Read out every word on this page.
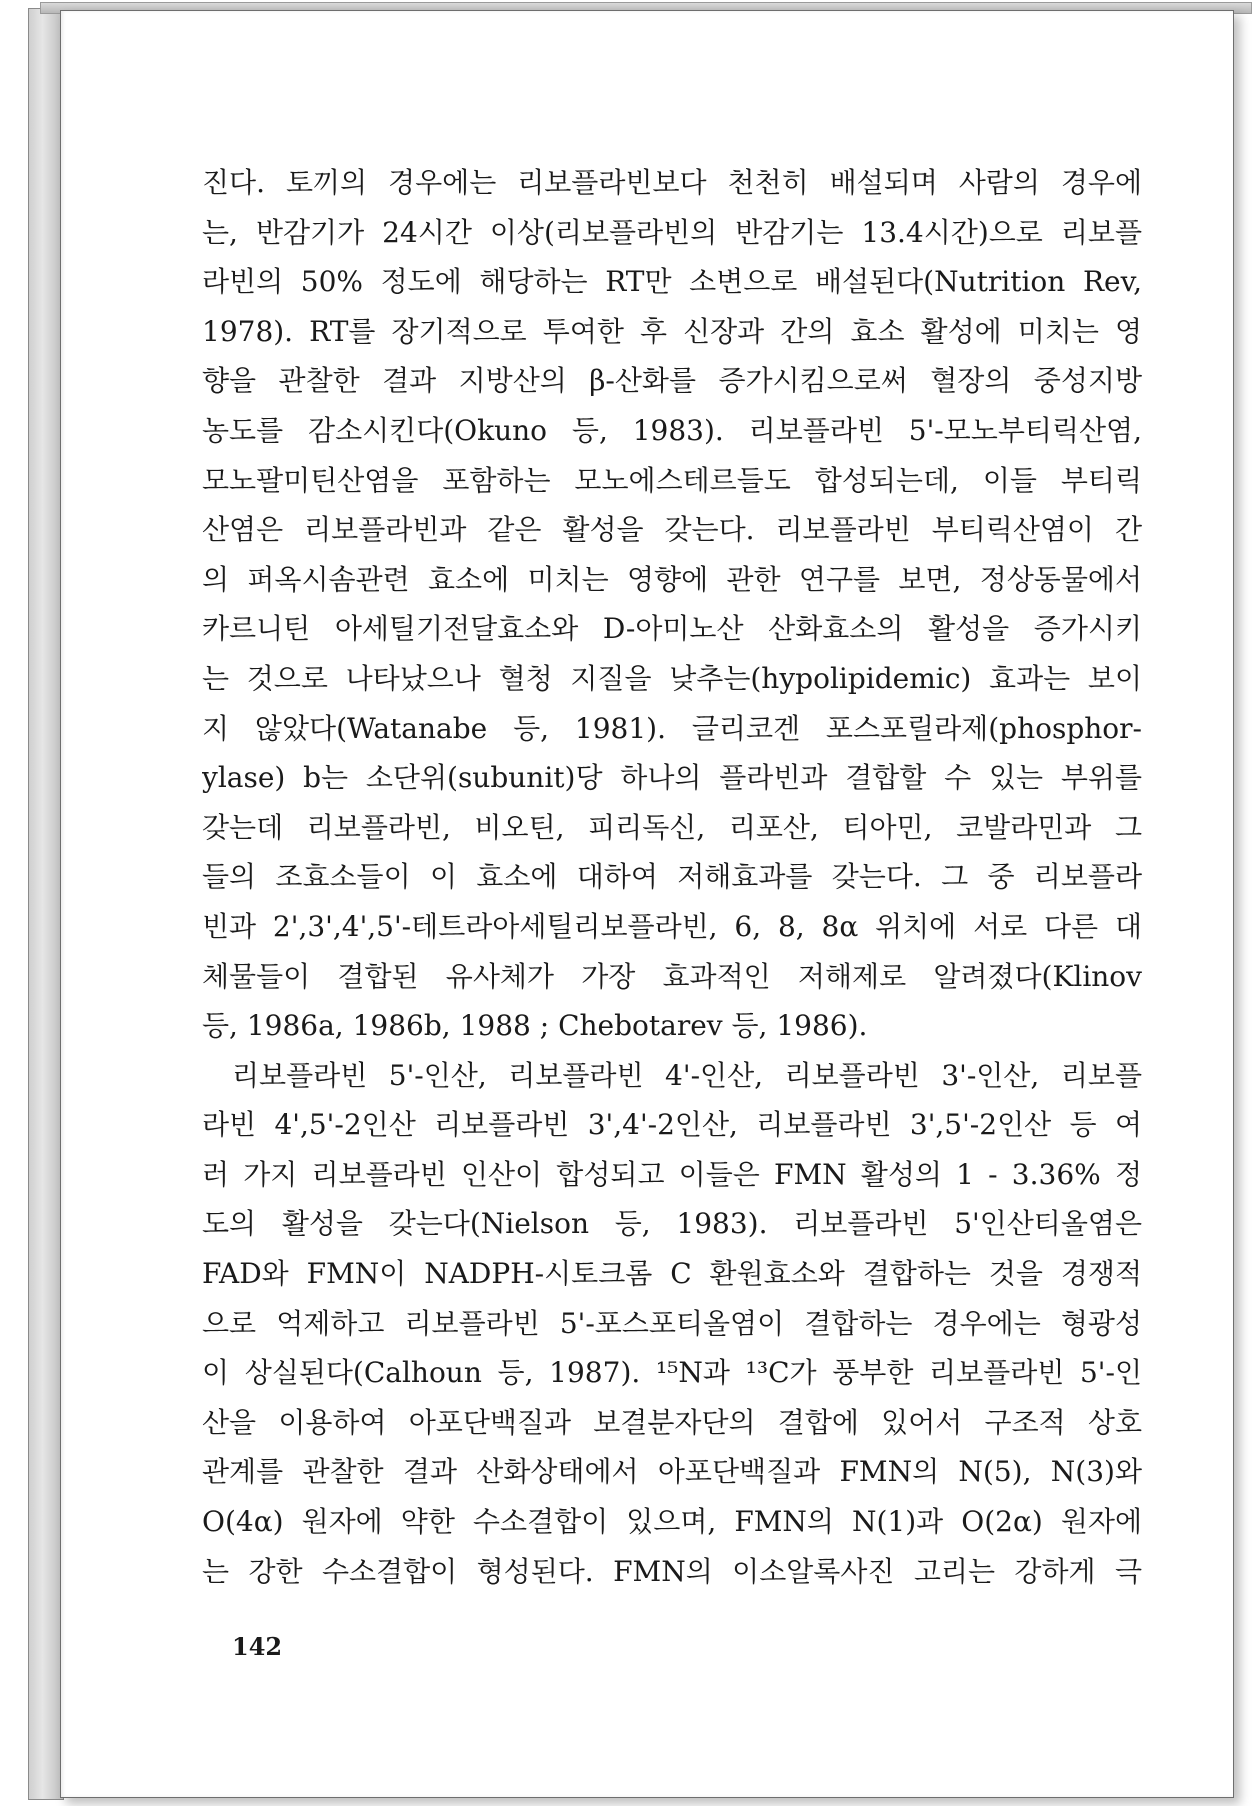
진다. 토끼의 경우에는 리보플라빈보다 천천히 배설되며 사람의 경우에
는, 반감기가 24시간 이상(리보플라빈의 반감기는 13.4시간)으로 리보플
라빈의 50% 정도에 해당하는 RT만 소변으로 배설된다(Nutrition Rev,
1978). RT를 장기적으로 투여한 후 신장과 간의 효소 활성에 미치는 영
향을 관찰한 결과 지방산의 β-산화를 증가시킴으로써 혈장의 중성지방
농도를 감소시킨다(Okuno 등, 1983). 리보플라빈 5'-모노부티릭산염,
모노팔미틴산염을 포함하는 모노에스테르들도 합성되는데, 이들 부티릭
산염은 리보플라빈과 같은 활성을 갖는다. 리보플라빈 부티릭산염이 간
의 퍼옥시솜관련 효소에 미치는 영향에 관한 연구를 보면, 정상동물에서
카르니틴 아세틸기전달효소와 D-아미노산 산화효소의 활성을 증가시키
는 것으로 나타났으나 혈청 지질을 낮추는(hypolipidemic) 효과는 보이
지 않았다(Watanabe 등, 1981). 글리코겐 포스포릴라제(phosphor-
ylase) b는 소단위(subunit)당 하나의 플라빈과 결합할 수 있는 부위를
갖는데 리보플라빈, 비오틴, 피리독신, 리포산, 티아민, 코발라민과 그
들의 조효소들이 이 효소에 대하여 저해효과를 갖는다. 그 중 리보플라
빈과 2',3',4',5'-테트라아세틸리보플라빈, 6, 8, 8α 위치에 서로 다른 대
체물들이 결합된 유사체가 가장 효과적인 저해제로 알려졌다(Klinov
등, 1986a, 1986b, 1988 ; Chebotarev 등, 1986).
리보플라빈 5'-인산, 리보플라빈 4'-인산, 리보플라빈 3'-인산, 리보플
라빈 4',5'-2인산 리보플라빈 3',4'-2인산, 리보플라빈 3',5'-2인산 등 여
러 가지 리보플라빈 인산이 합성되고 이들은 FMN 활성의 1 - 3.36% 정
도의 활성을 갖는다(Nielson 등, 1983). 리보플라빈 5'인산티올염은
FAD와 FMN이 NADPH-시토크롬 C 환원효소와 결합하는 것을 경쟁적
으로 억제하고 리보플라빈 5'-포스포티올염이 결합하는 경우에는 형광성
이 상실된다(Calhoun 등, 1987). ¹⁵N과 ¹³C가 풍부한 리보플라빈 5'-인
산을 이용하여 아포단백질과 보결분자단의 결합에 있어서 구조적 상호
관계를 관찰한 결과 산화상태에서 아포단백질과 FMN의 N(5), N(3)와
O(4α) 원자에 약한 수소결합이 있으며, FMN의 N(1)과 O(2α) 원자에
는 강한 수소결합이 형성된다. FMN의 이소알록사진 고리는 강하게 극
142
